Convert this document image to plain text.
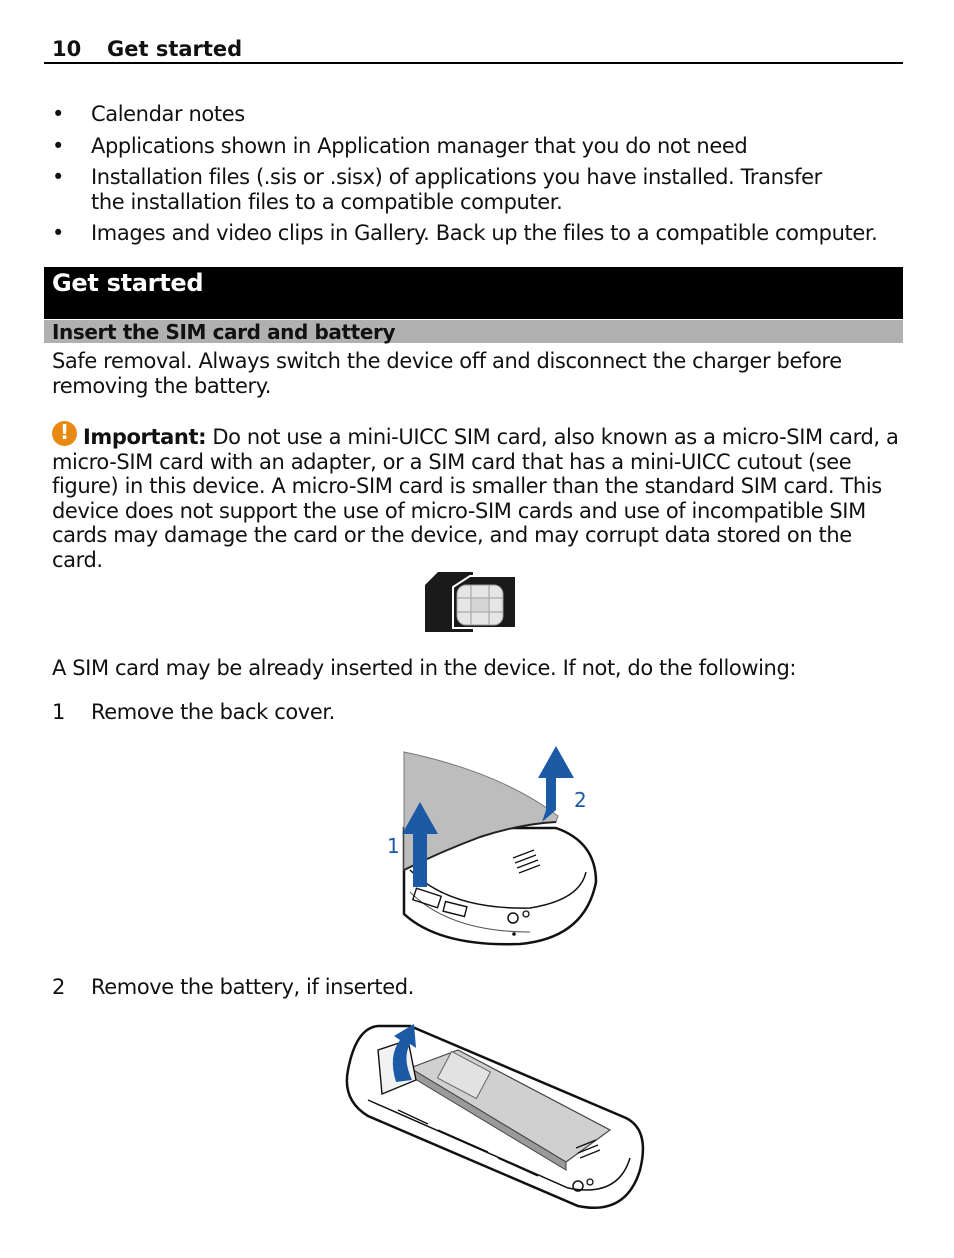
10 Get started
• Calendar notes
• Applications shown in Application manager that you do not need
• Installation files (.sis or .sisx) of applications you have installed. Transfer the installation files to a compatible computer.
• Images and video clips in Gallery. Back up the files to a compatible computer.
Get started
Insert the SIM card and battery
Safe removal. Always switch the device off and disconnect the charger before removing the battery.
! Important: Do not use a mini-UICC SIM card, also known as a micro-SIM card, a micro-SIM card with an adapter, or a SIM card that has a mini-UICC cutout (see figure) in this device. A micro-SIM card is smaller than the standard SIM card. This device does not support the use of micro-SIM cards and use of incompatible SIM cards may damage the card or the device, and may corrupt data stored on the card.
A SIM card may be already inserted in the device. If not, do the following:
1 Remove the back cover.
1
2
2 Remove the battery, if inserted.
